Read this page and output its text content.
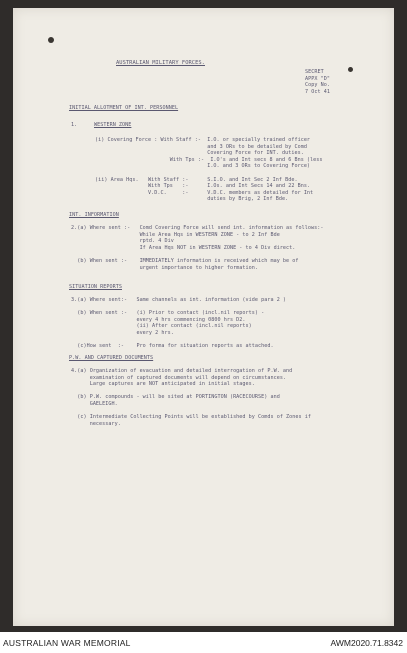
AUSTRALIAN MILITARY FORCES.
SECRET
APPX "D"
Copy No.
7 Oct 41
INITIAL ALLOTMENT OF INT. PERSONNEL
1.	WESTERN ZONE
(i) Covering Force : With Staff :-  I.O. or specially trained officer
and 3 ORs to be detailed by Comd
Covering Force for INT. duties.
With Tps :-  I.O's and Int secs 8 and 6 Bns (less
I.O. and 3 ORs to Covering Force)
(ii) Area Hqs.   With Staff :-      S.I.O. and Int Sec 2 Inf Bde.
With Tps   :-      I.Os. and Int Secs 14 and 22 Bns.
V.D.C.     :-      V.D.C. members as detailed for Int
duties by Brig, 2 Inf Bde.
INT. INFORMATION
2.(a) Where sent :-   Comd Covering Force will send int. information as follows:-
While Area Hqs in WESTERN ZONE - to 2 Inf Bde
rptd. 4 Div
If Area Hqs NOT in WESTERN ZONE - to 4 Div direct.
(b) When sent :-    IMMEDIATELY information is received which may be of
urgent importance to higher formation.
SITUATION REPORTS
3.(a) Where sent:-   Same channels as int. information (vide para 2 )
(b) When sent :-   (i) Prior to contact (incl.nil reports) -
every 4 hrs commencing 0800 hrs D2.
(ii) After contact (incl.nil reports)
every 2 hrs.
(c)How sent  :-    Pro forma for situation reports as attached.
P.W. AND CAPTURED DOCUMENTS
4.(a) Organization of evacuation and detailed interrogation of P.W. and
examination of captured documents will depend on circumstances.
Large captures are NOT anticipated in initial stages.
(b) P.W. compounds - will be sited at PORTINGTON (RACECOURSE) and
GAELEIGH.
(c) Intermediate Collecting Points will be established by Comds of Zones if
necessary.
AUSTRALIAN WAR MEMORIAL	AWM2020.71.8342
